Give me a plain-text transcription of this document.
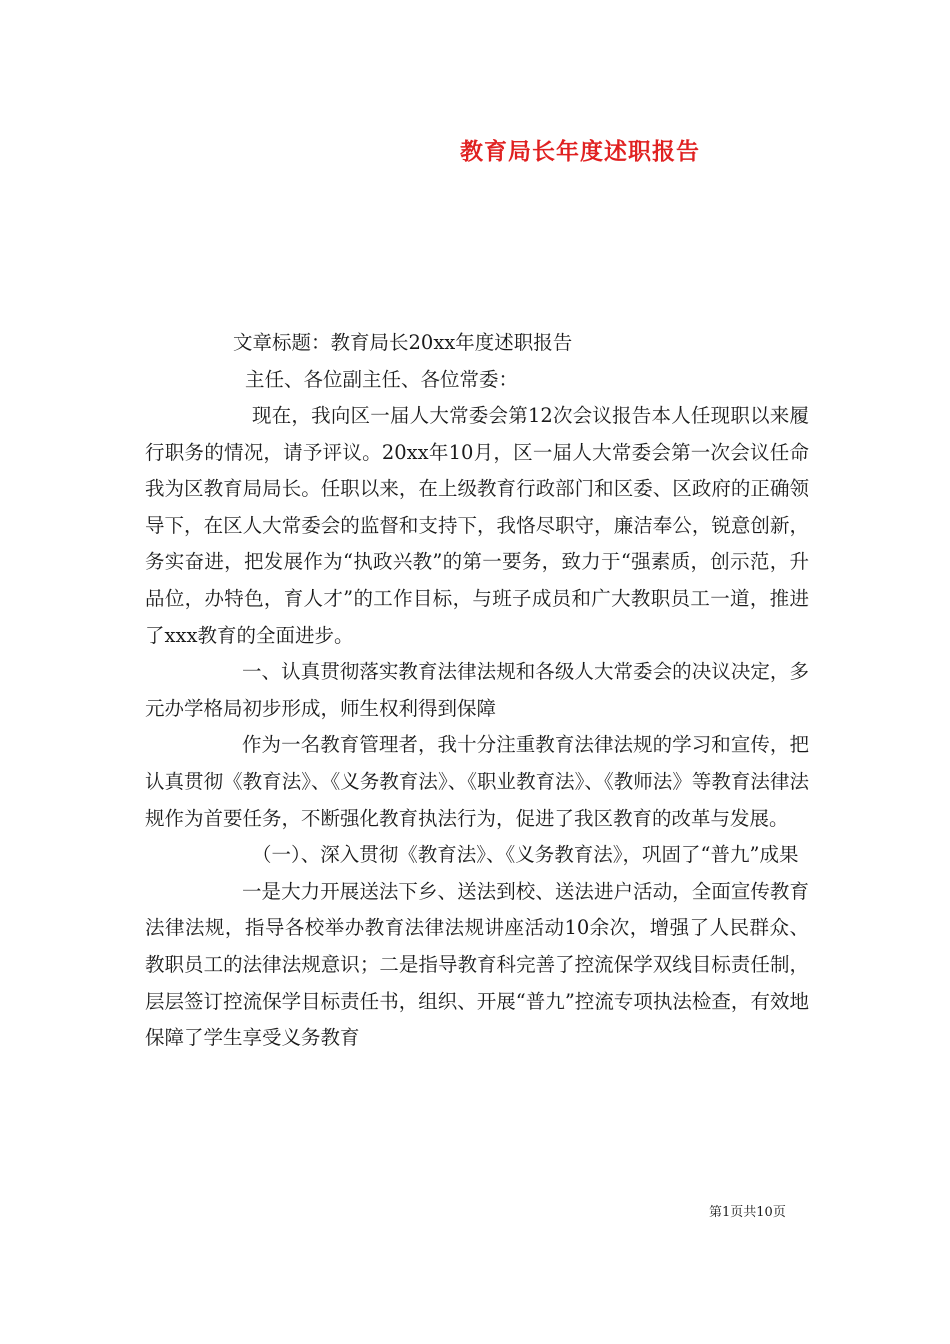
教育局长年度述职报告

文章标题：教育局长20xx年度述职报告

主任、各位副主任、各位常委：

现在，我向区一届人大常委会第12次会议报告本人任现职以来履行职务的情况，请予评议。20xx年10月，区一届人大常委会第一次会议任命我为区教育局局长。任职以来，在上级教育行政部门和区委、区政府的正确领导下，在区人大常委会的监督和支持下，我恪尽职守，廉洁奉公，锐意创新，务实奋进，把发展作为“执政兴教”的第一要务，致力于“强素质，创示范，升品位，办特色，育人才”的工作目标，与班子成员和广大教职员工一道，推进了xxx教育的全面进步。

一、认真贯彻落实教育法律法规和各级人大常委会的决议决定，多元办学格局初步形成，师生权利得到保障

作为一名教育管理者，我十分注重教育法律法规的学习和宣传，把认真贯彻《教育法》、《义务教育法》、《职业教育法》、《教师法》等教育法律法规作为首要任务，不断强化教育执法行为，促进了我区教育的改革与发展。

（一）、深入贯彻《教育法》、《义务教育法》，巩固了“普九”成果

一是大力开展送法下乡、送法到校、送法进户活动，全面宣传教育法律法规，指导各校举办教育法律法规讲座活动10余次，增强了人民群众、教职员工的法律法规意识；二是指导教育科完善了控流保学双线目标责任制，层层签订控流保学目标责任书，组织、开展“普九”控流专项执法检查，有效地保障了学生享受义务教育

第1页共10页
